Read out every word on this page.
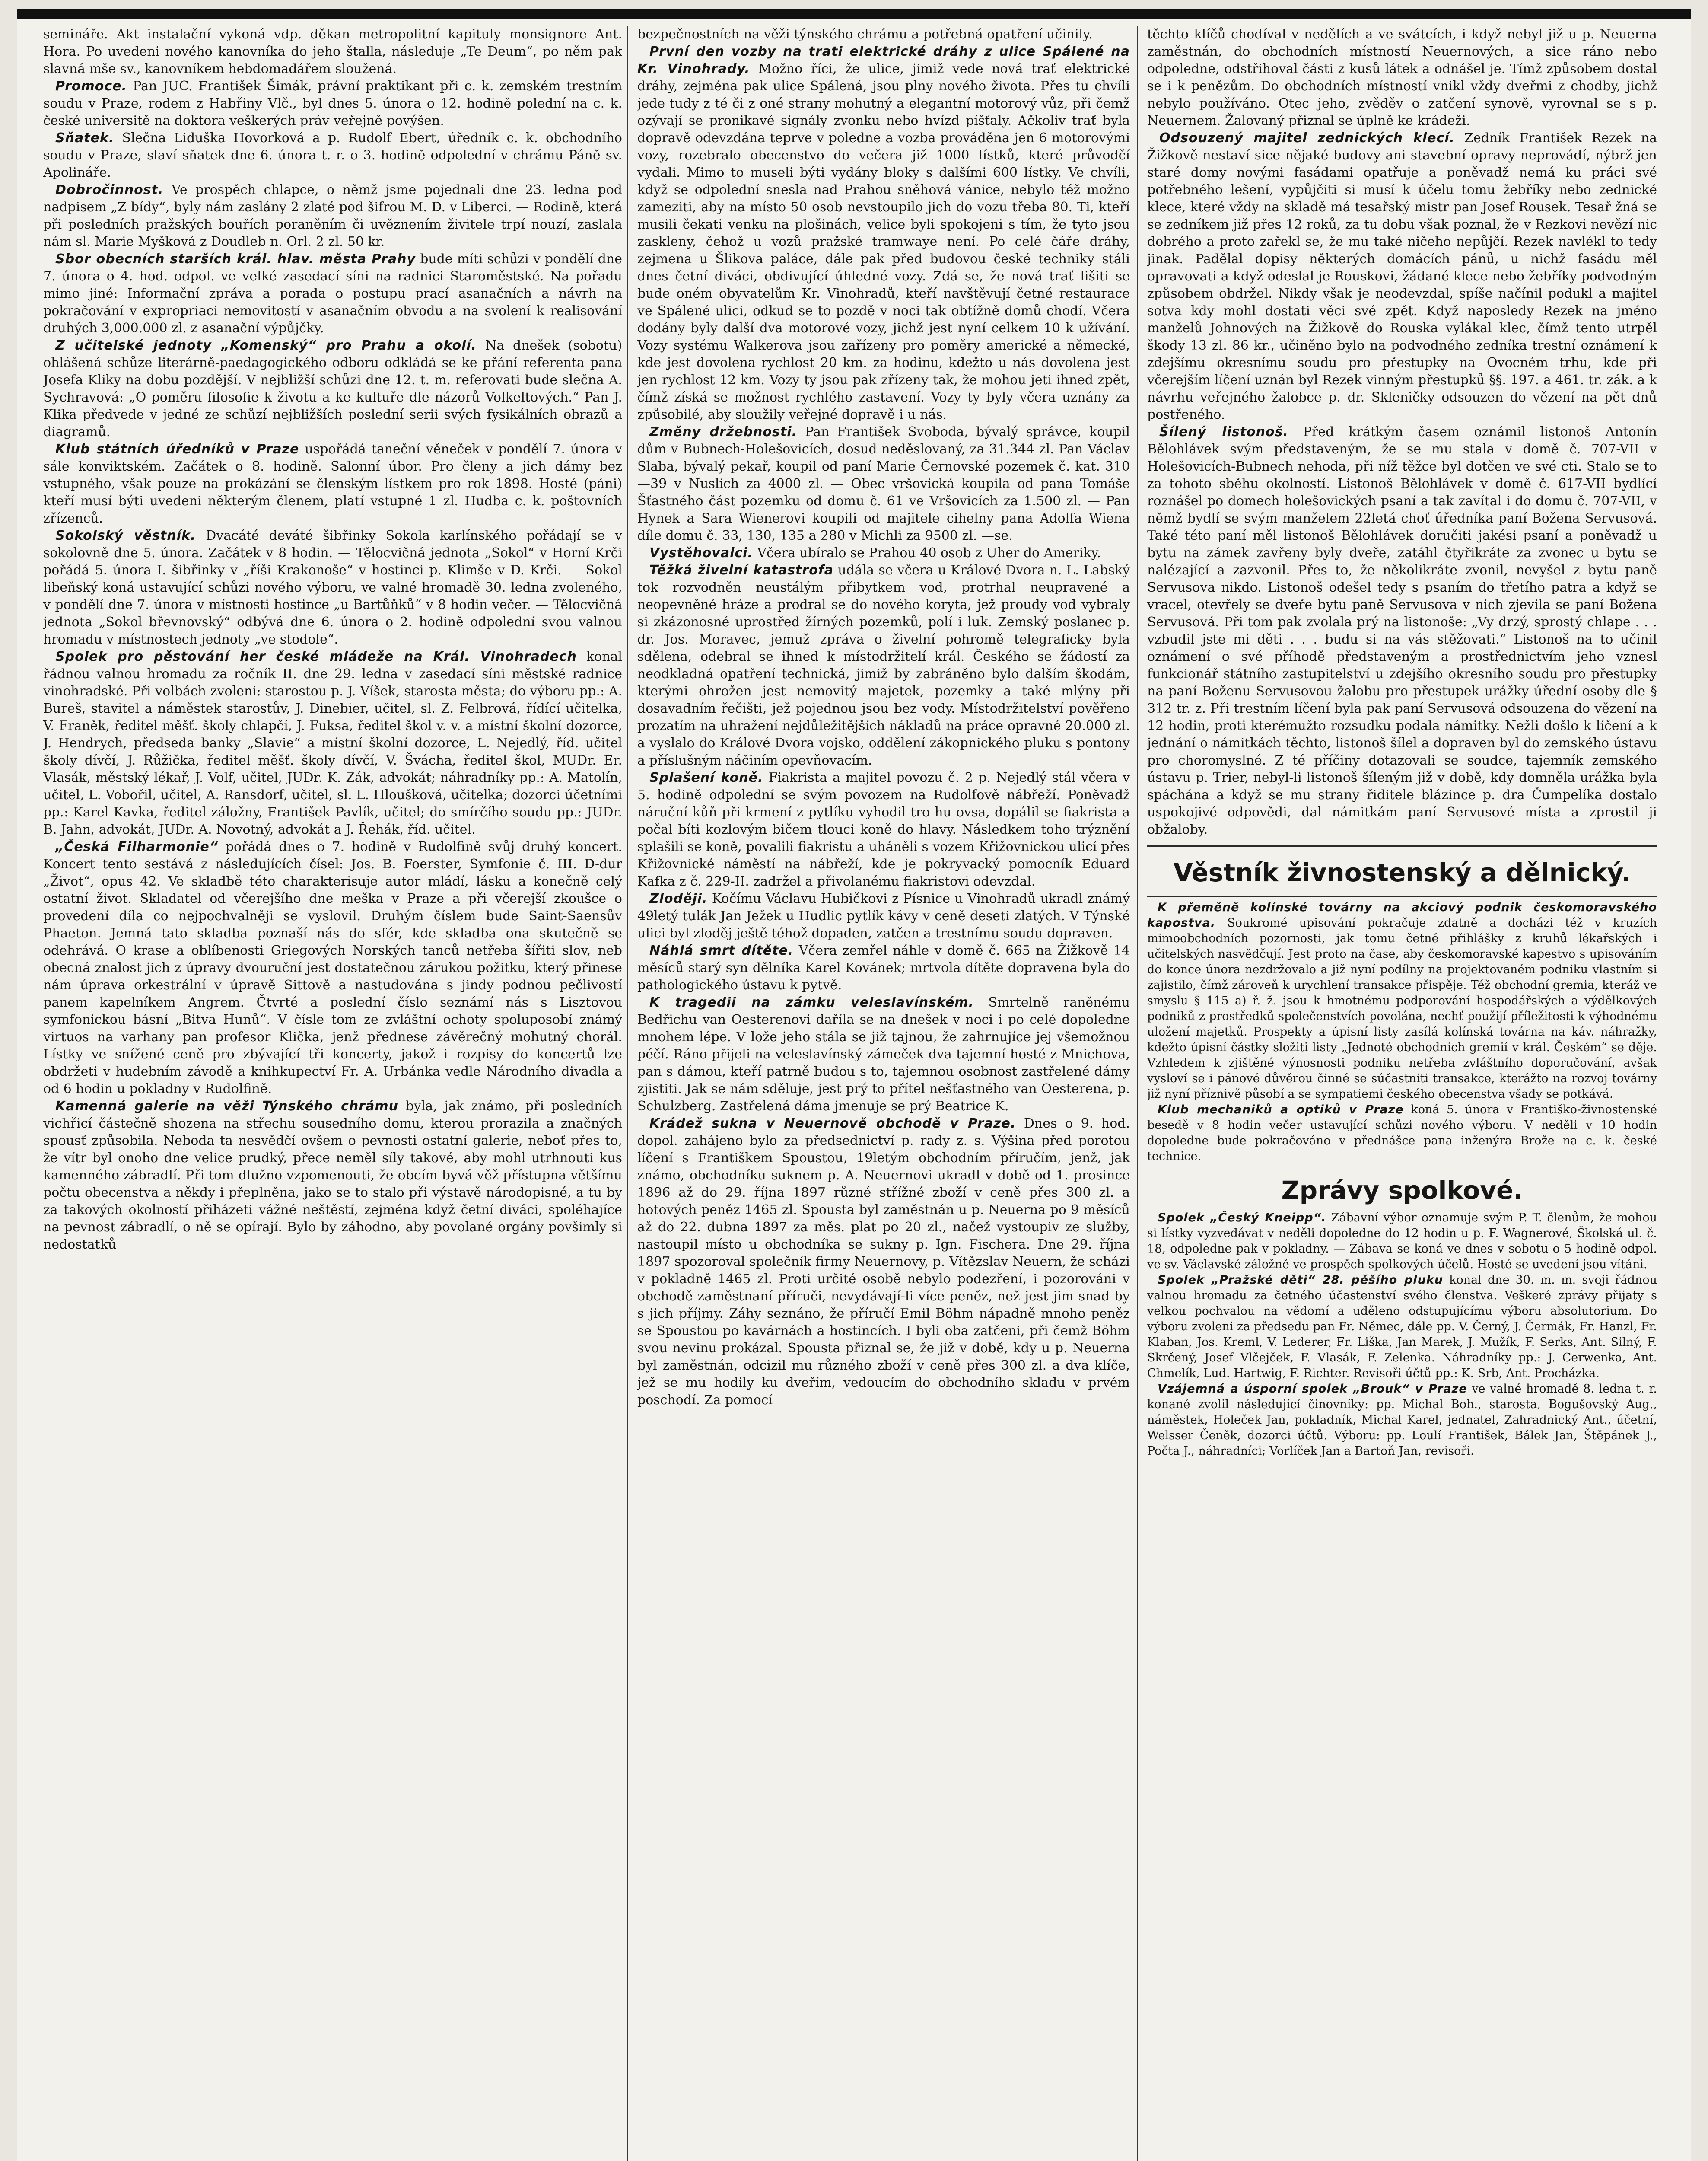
seminářе. Akt instalační vykoná vdp. děkan metropolitní kapituly monsignore Ant. Hora. Po uvedeni nového kanovníka do jeho štalla, následuje „Te Deum“, po něm pak slavná mše sv., kanovníkem hebdomadářem sloužená.

Promoce. Pan JUC. František Šimák, právní praktikant při c. k. zemském trestním soudu v Praze, rodem z Habřiny Vlč., byl dnes 5. února o 12. hodině polední na c. k. české universitě na doktora veškerých práv veřejně povýšen.

Sňatek. Slečna Liduška Hovorková a p. Rudolf Ebert, úředník c. k. obchodního soudu v Praze, slaví sňatek dne 6. února t. r. o 3. hodině odpolední v chrámu Páně sv. Apolináře.

Dobročinnost. Ve prospěch chlapce, o němž jsme pojednali dne 23. ledna pod nadpisem „Z bídy“, byly nám zaslány 2 zlaté pod šifrou M. D. v Liberci. — Rodině, která při posledních pražských bouřích poraněním či uvěznením živitele trpí nouzí, zaslala nám sl. Marie Myšková z Doudleb n. Orl. 2 zl. 50 kr.

Sbor obecních starších král. hlav. města Prahy bude míti schůzi v pondělí dne 7. února o 4. hod. odpol. ve velké zasedací síni na radnici Staroměstské. Na pořadu mimo jiné: Informační zpráva a porada o postupu prací asanačních a návrh na pokračování v expropriaci nemovitostí v asanačním obvodu a na svolení k realisování druhých 3,000.000 zl. z asanační výpůjčky.

Z učitelské jednoty „Komenský“ pro Prahu a okolí. Na dnešek (sobotu) ohlášená schůze literárně-paedagogického odboru odkládá se ke přání referenta pana Josefa Kliky na dobu pozdější. V nejbližší schůzi dne 12. t. m. referovati bude slečna A. Sychravová: „O poměru filosofie k životu a ke kultuře dle názorů Volkeltových.“ Pan J. Klika předvede v jedné ze schůzí nejbližších poslední serii svých fysikálních obrazů a diagramů.

Klub státních úředníků v Praze uspořádá taneční věneček v pondělí 7. února v sále konviktském. Začátek o 8. hodině. Salonní úbor. Pro členy a jich dámy bez vstupného, však pouze na prokázání se členským lístkem pro rok 1898. Hosté (páni) kteří musí býti uvedeni některým členem, platí vstupné 1 zl. Hudba c. k. poštovních zřízenců.

Sokolský věstník. Dvacáté deváté šibřinky Sokola karlínského pořádají se v sokolovně dne 5. února. Začátek v 8 hodin. — Tělocvičná jednota „Sokol“ v Horní Krči pořádá 5. února I. šibřinky v „říši Krakonoše“ v hostinci p. Klimše v D. Krči. — Sokol libeňský koná ustavující schůzi nového výboru, ve valné hromadě 30. ledna zvoleného, v pondělí dne 7. února v místnosti hostince „u Bartůňků“ v 8 hodin večer. — Tělocvičná jednota „Sokol břevnovský“ odbývá dne 6. února o 2. hodině odpolední svou valnou hromadu v místnostech jednoty „ve stodole“.

Spolek pro pěstování her české mládeže na Král. Vinohradech konal řádnou valnou hromadu za ročník II. dne 29. ledna v zasedací síni městské radnice vinohradské. Při volbách zvoleni: starostou p. J. Víšek, starosta města; do výboru pp.: A. Bureš, stavitel a náměstek starostův, J. Dinebier, učitel, sl. Z. Felbrová, řídící učitelka, V. Franěk, ředitel měšť. školy chlapčí, J. Fuksa, ředitel škol v. v. a místní školní dozorce, J. Hendrych, předseda banky „Slavie“ a místní školní dozorce, L. Nejedlý, říd. učitel školy dívčí, J. Růžička, ředitel měšť. školy dívčí, V. Švácha, ředitel škol, MUDr. Er. Vlasák, městský lékař, J. Volf, učitel, JUDr. K. Zák, advokát; náhradníky pp.: A. Matolín, učitel, L. Vobořil, učitel, A. Ransdorf, učitel, sl. L. Hloušková, učitelka; dozorci účetními pp.: Karel Kavka, ředitel záložny, František Pavlík, učitel; do smírčího soudu pp.: JUDr. B. Jahn, advokát, JUDr. A. Novotný, advokát a J. Řehák, říd. učitel.

„Česká Filharmonie“ pořádá dnes o 7. hodině v Rudolfině svůj druhý koncert. Koncert tento sestává z následujících čísel: Jos. B. Foerster, Symfonie č. III. D-dur „Život“, opus 42. Ve skladbě této charakterisuje autor mládí, lásku a konečně celý ostatní život. Skladatel od včerejšího dne meška v Praze a při včerejší zkoušce o provedení díla co nejpochvalněji se vyslovil. Druhým číslem bude Saint-Saensův Phaeton. Jemná tato skladba poznaší nás do sfér, kde skladba ona skutečně se odehrává. O krase a oblíbenosti Griegových Norských tanců netřeba šířiti slov, neb obecná znalost jich z úpravy dvouruční jest dostatečnou zárukou požitku, který přinese nám úprava orkestrální v úpravě Sittově a nastudována s jindy podnou pečlivostí panem kapelníkem Angrem. Čtvrté a poslední číslo seznámí nás s Lisztovou symfonickou básní „Bitva Hunů“. V čísle tom ze zvláštní ochoty spoluposobí známý virtuos na varhany pan profesor Klička, jenž přednese závěrečný mohutný chorál. Lístky ve snížené ceně pro zbývající tři koncerty, jakož i rozpisy do koncertů lze obdržeti v hudebním závodě a knihkupectví Fr. A. Urbánka vedle Národního divadla a od 6 hodin u pokladny v Rudolfině.

Kamenná galerie na věži Týnského chrámu byla, jak známo, při posledních vichřicí částečně shozena na střechu sousedního domu, kterou prorazila a značných spousť způsobila. Neboda ta nesvědčí ovšem o pevnosti ostatní galerie, neboť přes to, že vítr byl onoho dne velice prudký, přece neměl síly takové, aby mohl utrhnouti kus kamenného zábradlí. Při tom dlužno vzpomenouti, že obcím byvá věž přístupna většímu počtu obecenstva a někdy i přeplněna, jako se to stalo při výstavě národopisné, a tu by za takových okolností přiházeti vážné neštěstí, zejména když četní diváci, spoléhajíce na pevnost zábradlí, o ně se opírají. Bylo by záhodno, aby povolané orgány povšimly si nedostatků

bezpečnostních na věži týnského chrámu a potřebná opatření učinily.

První den vozby na trati elektrické dráhy z ulice Spálené na Kr. Vinohrady. Možno říci, že ulice, jimiž vede nová trať elektrické dráhy, zejména pak ulice Spálená, jsou plny nového života. Přes tu chvíli jede tudy z té či z oné strany mohutný a elegantní motorový vůz, při čemž ozývají se pronikavé signály zvonku nebo hvízd píšťaly. Ačkoliv trať byla dopravě odevzdána teprve v poledne a vozba prováděna jen 6 motorovými vozy, rozebralo obecenstvo do večera již 1000 lístků, které průvodčí vydali. Mimo to museli býti vydány bloky s dalšími 600 lístky. Ve chvíli, když se odpolední snesla nad Prahou sněhová vánice, nebylo též možno zameziti, aby na místo 50 osob nevstoupilo jich do vozu třeba 80. Ti, kteří musili čekati venku na plošinách, velice byli spokojeni s tím, že tyto jsou zaskleny, čehož u vozů pražské tramwaye není. Po celé čáře dráhy, zejmena u Šlikova paláce, dále pak před budovou české techniky stáli dnes četní diváci, obdivující úhledné vozy. Zdá se, že nová trať lišiti se bude oném obyvatelům Kr. Vinohradů, kteří navštěvují četné restaurace ve Spálené ulici, odkud se to pozdě v noci tak obtížně domů chodí. Včera dodány byly další dva motorové vozy, jichž jest nyní celkem 10 k užívání. Vozy systému Walkerova jsou zařízeny pro poměry americké a německé, kde jest dovolena rychlost 20 km. za hodinu, kdežto u nás dovolena jest jen rychlost 12 km. Vozy ty jsou pak zřízeny tak, že mohou jeti ihned zpět, čímž získá se možnost rychlého zastavení. Vozy ty byly včera uznány za způsobilé, aby sloužily veřejné dopravě i u nás.

Změny držebnosti. Pan František Svoboda, bývalý správce, koupil dům v Bubnech-Holešovicích, dosud neděslovaný, za 31.344 zl. Pan Václav Slaba, bývalý pekař, koupil od paní Marie Černovské pozemek č. kat. 310—39 v Nuslích za 4000 zl. — Obec vršovická koupila od pana Tomáše Šťastného část pozemku od domu č. 61 ve Vršovicích za 1.500 zl. — Pan Hynek a Sara Wienerovi koupili od majitele cihelny pana Adolfa Wiena díle domu č. 33, 130, 135 a 280 v Michli za 9500 zl. —se.

Vystěhovalci. Včera ubíralo se Prahou 40 osob z Uher do Ameriky.

Těžká živelní katastrofa udála se včera u Králové Dvora n. L. Labský tok rozvodněn neustálým přibytkem vod, protrhal neupravené a neopevněné hráze a prodral se do nového koryta, jež proudy vod vybraly si zkázonosné uprostřed žírných pozemků, polí i luk. Zemský poslanec p. dr. Jos. Moravec, jemuž zpráva o živelní pohromě telegraficky byla sdělena, odebral se ihned k místodržitelí král. Českého se žádostí za neodkladná opatření technická, jimiž by zabráněno bylo dalším škodám, kterými ohrožen jest nemovitý majetek, pozemky a také mlýny při dosavadním řečišti, jež pojednou jsou bez vody. Místodržitelství pověřeno prozatím na uhražení nejdůležitějších nákladů na práce opravné 20.000 zl. a vyslalo do Králové Dvora vojsko, oddělení zákopnického pluku s pontony a příslušným náčiním opevňovacím.

Splašení koně. Fiakrista a majitel povozu č. 2 p. Nejedlý stál včera v 5. hodině odpolední se svým povozem na Rudolfově nábřeží. Poněvadž náruční kůň při krmení z pytlíku vyhodil tro hu ovsa, dopálil se fiakrista a počal bíti kozlovým bičem tlouci koně do hlavy. Následkem toho trýznění splašili se koně, povalili fiakristu a uháněli s vozem Křižovnickou ulicí přes Křižovnické náměstí na nábřeží, kde je pokryvacký pomocník Eduard Kafka z č. 229-II. zadržel a přivolanému fiakristovi odevzdal.

Zloději. Kočímu Václavu Hubičkovi z Písnice u Vinohradů ukradl známý 49letý tulák Jan Ježek u Hudlic pytlík kávy v ceně deseti zlatých. V Týnské ulici byl zloděj ještě téhož dopaden, zatčen a trestnímu soudu dopraven.

Náhlá smrt dítěte. Včera zemřel náhle v domě č. 665 na Žižkově 14 měsíců starý syn dělníka Karel Kovánek; mrtvola dítěte dopravena byla do pathologického ústavu k pytvě.

K tragedii na zámku veleslavínském. Smrtelně raněnému Bedřichu van Oesterenovi daříla se na dnešek v noci i po celé dopoledne mnohem lépe. V lože jeho stála se již tajnou, že zahrnujíce jej všemožnou péčí. Ráno přijeli na veleslavínský zámeček dva tajemní hosté z Mnichova, pan s dámou, kteří patrně budou s to, tajemnou osobnost zastřelené dámy zjistiti. Jak se nám sděluje, jest prý to přítel nešťastného van Oesterena, p. Schulzberg. Zastřelená dáma jmenuje se prý Beatrice K.

Krádež sukna v Neuernově obchodě v Praze. Dnes o 9. hod. dopol. zahájeno bylo za předsednictví p. rady z. s. Výšina před porotou líčení s Františkem Spoustou, 19letým obchodním příručím, jenž, jak známo, obchodníku suknem p. A. Neuernovi ukradl v době od 1. prosince 1896 až do 29. října 1897 různé střížné zboží v ceně přes 300 zl. a hotových peněz 1465 zl. Spousta byl zaměstnán u p. Neuerna po 9 měsíců až do 22. dubna 1897 za měs. plat po 20 zl., načež vystoupiv ze služby, nastoupil místo u obchodníka se sukny p. Ign. Fischera. Dne 29. října 1897 spozoroval společník firmy Neuernovy, p. Vítězslav Neuern, že scházi v pokladně 1465 zl. Proti určité osobě nebylo podezření, i pozorováni v obchodě zaměstnaní příruči, nevydávají-li více peněz, než jest jim snad by s jich příjmy. Záhy seznáno, že příručí Emil Böhm nápadně mnoho peněz se Spoustou po kavárnách a hostincích. I byli oba zatčeni, při čemž Böhm svou nevinu prokázal. Spousta přiznal se, že již v době, kdy u p. Neuerna byl zaměstnán, odcizil mu různého zboží v ceně přes 300 zl. a dva klíče, jež se mu hodily ku dveřím, vedoucím do obchodního skladu v prvém poschodí. Za pomocí

těchto klíčů chodíval v nedělích a ve svátcích, i když nebyl již u p. Neuerna zaměstnán, do obchodních místností Neuernových, a sice ráno nebo odpoledne, odstřihoval části z kusů látek a odnášel je. Tímž způsobem dostal se i k penězům. Do obchodních místností vnikl vždy dveřmi z chodby, jichž nebylo používáno. Otec jeho, zvěděv o zatčení synově, vyrovnal se s p. Neuernem. Žalovaný přiznal se úplně ke krádeži.

Odsouzený majitel zednických klecí. Zedník František Rezek na Žižkově nestaví sice nějaké budovy ani stavební opravy neprovádí, nýbrž jen staré domy novými fasádami opatřuje a poněvadž nemá ku práci své potřebného lešení, vypůjčiti si musí k účelu tomu žebříky nebo zednické klece, které vždy na skladě má tesařský mistr pan Josef Rousek. Tesař žná se se zedníkem již přes 12 roků, za tu dobu však poznal, že v Rezkovi nevězí nic dobrého a proto zařekl se, že mu také ničeho nepůjčí. Rezek navlékl to tedy jinak. Padělal dopisy některých domácích pánů, u nichž fasádu měl opravovati a když odeslal je Rouskovi, žádané klece nebo žebříky podvodným způsobem obdržel. Nikdy však je neodevzdal, spíše načínil podukl a majitel sotva kdy mohl dostati věci své zpět. Když naposledy Rezek na jméno manželů Johnových na Žižkově do Rouska vylákal klec, čímž tento utrpěl škody 13 zl. 86 kr., učiněno bylo na podvodného zedníka trestní oznámení k zdejšímu okresnímu soudu pro přestupky na Ovocném trhu, kde při včerejším líčení uznán byl Rezek vinným přestupků §§. 197. a 461. tr. zák. a k návrhu veřejného žalobce p. dr. Skleničky odsouzen do vězení na pět dnů postřeného.

Šílený listonoš. Před krátkým časem oznámil listonoš Antonín Bělohlávek svým představeným, že se mu stala v domě č. 707-VII v Holešovicích-Bubnech nehoda, při níž těžce byl dotčen ve své cti. Stalo se to za tohoto sběhu okolností. Listonoš Bělohlávek v domě č. 617-VII bydlící roznášel po domech holešovických psaní a tak zavítal i do domu č. 707-VII, v němž bydlí se svým manželem 22letá choť úředníka paní Božena Servusová. Také této paní měl listonoš Bělohlávek doručiti jakési psaní a poněvadž u bytu na zámek zavřeny byly dveře, zatáhl čtyřikráte za zvonec u bytu se nalézající a zazvonil. Přes to, že několikráte zvonil, nevyšel z bytu paně Servusova nikdo. Listonoš odešel tedy s psaním do třetího patra a když se vracel, otevřely se dveře bytu paně Servusova v nich zjevila se paní Božena Servusová. Při tom pak zvolala prý na listonoše: „Vy drzý, sprostý chlape . . . vzbudil jste mi děti . . . budu si na vás stěžovati.“ Listonoš na to učinil oznámení o své příhodě představeným a prostřednictvím jeho vznesl funkcionář státního zastupitelství u zdejšího okresního soudu pro přestupky na paní Boženu Servusovou žalobu pro přestupek urážky úřední osoby dle § 312 tr. z. Při trestním líčení byla pak paní Servusová odsouzena do vězení na 12 hodin, proti kterémužto rozsudku podala námitky. Nežli došlo k líčení a k jednání o námitkách těchto, listonoš šílel a dopraven byl do zemského ústavu pro choromyslné. Z té příčiny dotazovali se soudce, tajemník zemského ústavu p. Trier, nebyl-li listonoš šíleným již v době, kdy domněla urážka byla spáchána a když se mu strany řiditele blázince p. dra Čumpelíka dostalo uspokojivé odpovědi, dal námitkám paní Servusové místa a zprostil ji obžaloby.

Věstník živnostenský a dělnický.

K přeměně kolínské továrny na akciový podnik českomoravského kapostva. Soukromé upisování pokračuje zdatně a docházi též v kruzích mimoobchodních pozornosti, jak tomu četné přihlášky z kruhů lékařských i učitelských nasvědčují. Jest proto na čase, aby českomoravské kapestvo s upisováním do konce února nezdržovalo a již nyní podílny na projektovaném podniku vlastním si zajistilo, čímž zároveň k urychlení transakce přispěje. Též obchodní gremia, kteráž ve smyslu § 115 a) ř. ž. jsou k hmotnému podporování hospodářských a výdělkových podniků z prostředků společenstvích povolána, nechť použijí příležitosti k výhodnému uložení majetků. Prospekty a úpisní listy zasílá kolínská továrna na káv. náhražky, kdežto úpisní částky složiti listy „Jednoté obchodních gremií v král. Českém“ se děje. Vzhledem k zjištěné výnosnosti podniku netřeba zvláštního doporučování, avšak vysloví se i pánové důvěrou činné se súčastniti transakce, kterážto na rozvoj továrny již nyní příznivě působí a se sympatiemi českého obecenstva všady se potkává.

Klub mechaniků a optiků v Praze koná 5. února v Františko-živnostenské besedě v 8 hodin večer ustavující schůzi nového výboru. V neděli v 10 hodin dopoledne bude pokračováno v přednášce pana inženýra Brože na c. k. české technice.

Zprávy spolkové.

Spolek „Český Kneipp“. Zábavní výbor oznamuje svým P. T. členům, že mohou si lístky vyzvedávat v neděli dopoledne do 12 hodin u p. F. Wagnerové, Školská ul. č. 18, odpoledne pak v pokladny. — Zábava se koná ve dnes v sobotu o 5 hodině odpol. ve sv. Václavské záložně ve prospěch spolkových účelů. Hosté se uvedení jsou vítáni.

Spolek „Pražské děti“ 28. pěšího pluku konal dne 30. m. m. svoji řádnou valnou hromadu za četného účastenství svého členstva. Veškeré zprávy přijaty s velkou pochvalou na vědomí a uděleno odstupujícímu výboru absolutorium. Do výboru zvoleni za předsedu pan Fr. Němec, dále pp. V. Černý, J. Čermák, Fr. Hanzl, Fr. Klaban, Jos. Kreml, V. Lederer, Fr. Liška, Jan Marek, J. Mužík, F. Serks, Ant. Silný, F. Skrčený, Josef Vlčejček, F. Vlasák, F. Zelenka. Náhradníky pp.: J. Cerwenka, Ant. Chmelík, Lud. Hartwig, F. Richter. Revisoři účtů pp.: K. Srb, Ant. Procházka.

Vzájemná a úsporní spolek „Brouk“ v Praze ve valné hromadě 8. ledna t. r. konané zvolil následující činovníky: pp. Michal Boh., starosta, Bogušovský Aug., náměstek, Holeček Jan, pokladník, Michal Karel, jednatel, Zahradnický Ant., účetní, Welsser Čeněk, dozorci účtů. Výboru: pp. Loulí František, Bálek Jan, Štěpánek J., Počta J., náhradníci; Vorlíček Jan a Bartoň Jan, revisoři.
